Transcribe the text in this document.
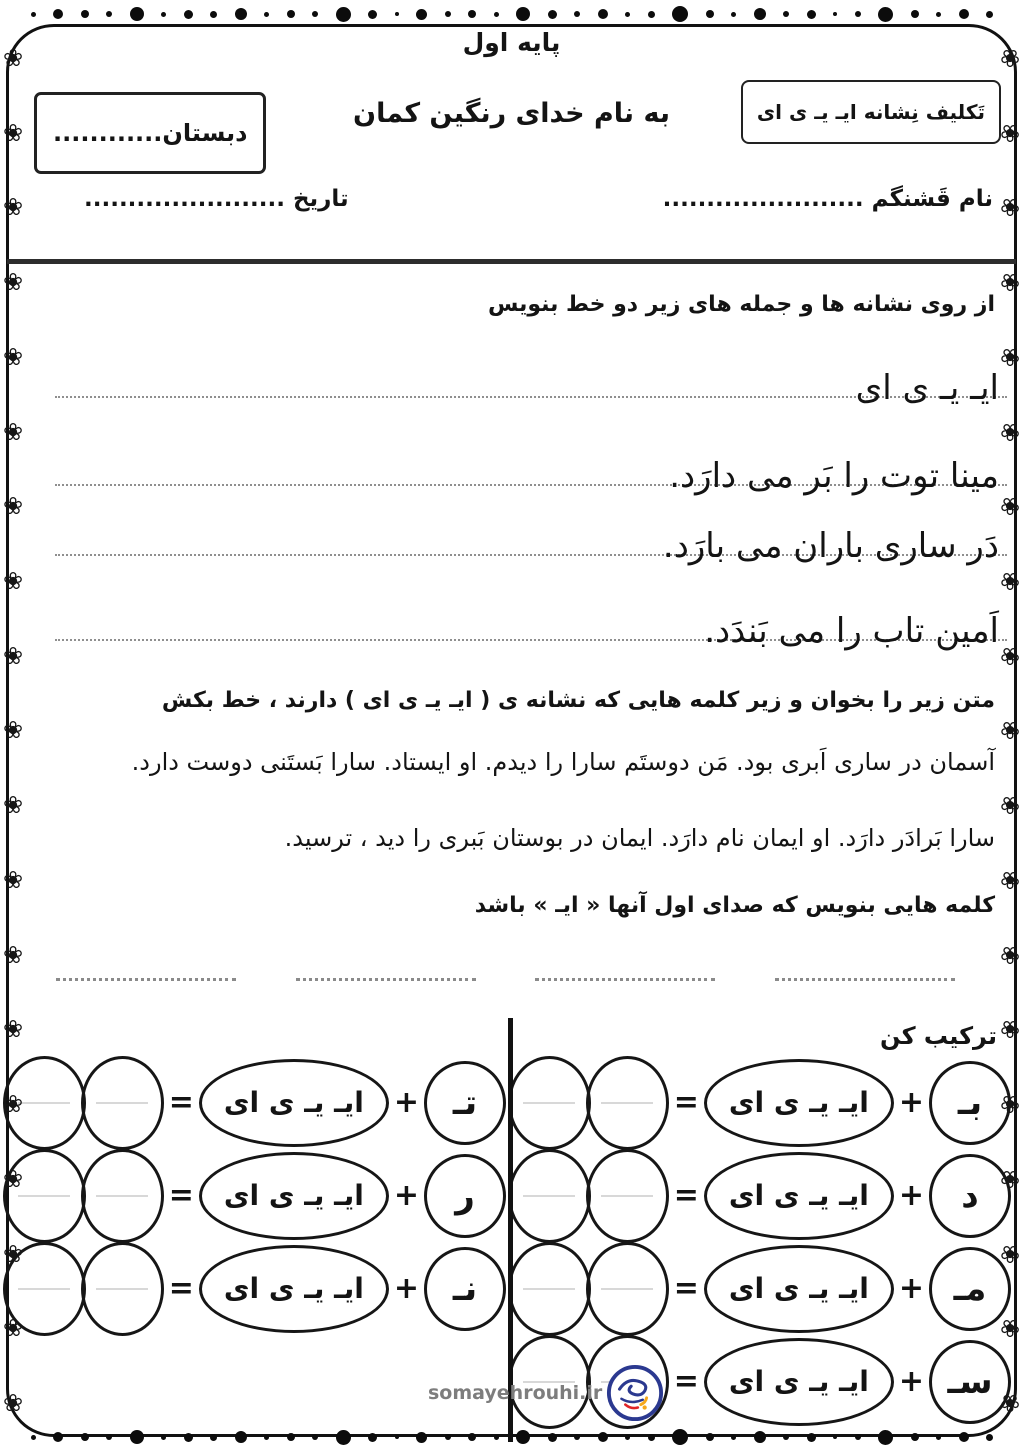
❀
❀
❀
❀
❀
❀
❀
❀
❀
❀
❀
❀
❀
❀
❀
❀
❀
❀
❀
❀
❀
❀
❀
❀
❀
❀
❀
❀
❀
❀
❀
❀
❀
❀
❀
❀
❀
❀
پایه اول
تَکلیف نِشانه ایـ یـ ی ای
به نام خدای رنگین کمان
دبستان............
نام قَشنگم .......................
تاریخ .......................
از روی نشانه ها و جمله های زیر دو خط بنویس
ایـ یـ ی ای
مینا توت را بَر می دارَد.
دَر ساری باران می بارَد.
اَمین تاب را می بَندَد.
متن زیر را بخوان و زیر کلمه هایی که نشانه ی ( ایـ یـ ی ای ) دارند ، خط بکش
آسمان در ساری اَبری بود. مَن دوستَم سارا را دیدم. او ایستاد. سارا بَستَنی دوست دارد.
سارا بَرادَر دارَد. او ایمان نام دارَد. ایمان در بوستان بَبری را دید ، ترسید.
کلمه هایی بنویس که صدای اول آنها « ایـ » باشد
ترکیب کن
بـ
+
ایـ یـ ی ای
=
د
+
ایـ یـ ی ای
=
مـ
+
ایـ یـ ی ای
=
سـ
+
ایـ یـ ی ای
=
تـ
+
ایـ یـ ی ای
=
ر
+
ایـ یـ ی ای
=
نـ
+
ایـ یـ ی ای
=
somayehrouhi.ir
